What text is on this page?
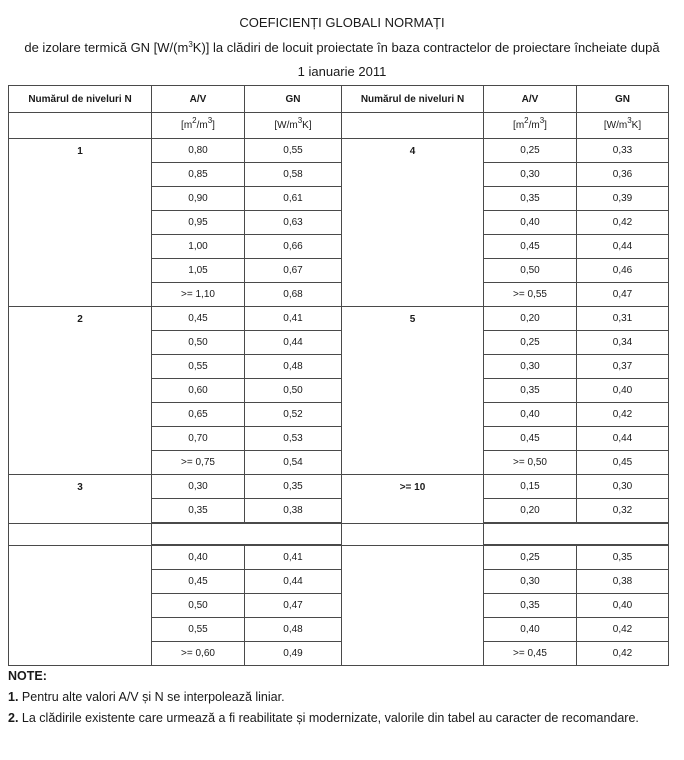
COEFICIENȚI GLOBALI NORMAȚI
de izolare termică GN $[W/(m^3K)]$ la clădiri de locuit proiectate în baza contractelor de proiectare încheiate după
1 ianuarie 2011
Numărul de niveluri N	A/V	GN	Numărul de niveluri N	A/V	GN
	$[m^2/m^3]$	$[W/m^3K]$		$[m^2/m^3]$	$[W/m^3K]$
1	0,80	0,55	4	0,25	0,33
	0,85	0,58		0,30	0,36
	0,90	0,61		0,35	0,39
	0,95	0,63		0,40	0,42
	1,00	0,66		0,45	0,44
	1,05	0,67		0,50	0,46
	>= 1,10	0,68		>= 0,55	0,47
2	0,45	0,41	5	0,20	0,31
	0,50	0,44		0,25	0,34
	0,55	0,48		0,30	0,37
	0,60	0,50		0,35	0,40
	0,65	0,52		0,40	0,42
	0,70	0,53		0,45	0,44
	>= 0,75	0,54		>= 0,50	0,45
3	0,30	0,35	>= 10	0,15	0,30
	0,35	0,38		0,20	0,32

	0,40	0,41		0,25	0,35
	0,45	0,44		0,30	0,38
	0,50	0,47		0,35	0,40
	0,55	0,48		0,40	0,42
	>= 0,60	0,49		>= 0,45	0,42
NOTE:
1. Pentru alte valori A/V și N se interpolează liniar.
2. La clădirile existente care urmează a fi reabilitate și modernizate, valorile din tabel au caracter de recomandare.
